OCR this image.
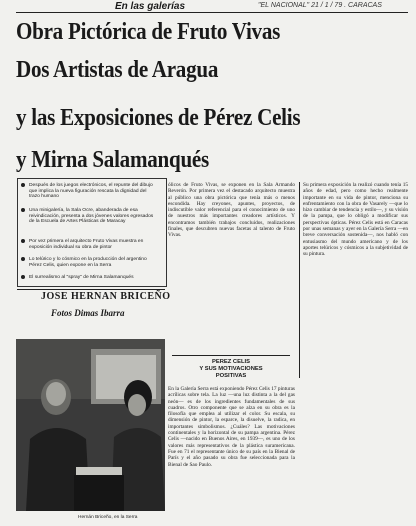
En las galerías	"EL NACIONAL" 21 / 1 / 79 . CARACAS
Obra Pictórica de Fruto Vivas
Dos Artistas de Aragua
y las Exposiciones de Pérez Celis
y Mirna Salamanqués
Después de los juegos electrónicos, el repunte del dibujo que implica la nueva figuración rescata la dignidad del trazo humano
Una minigalería, la Sala Ocre, abanderada de esa reivindicación, presenta a dos jóvenes valores egresados de la Escuela de Artes Plásticas de Maracay
Por vez primera el arquitecto Fruto Vivas muestra en exposición individual su obra de pintor
Lo telúrico y lo cósmico en la producción del argentino Pérez Celis, quien expone en la Serra
El surrealismo al "spray" de Mirna Salamanqués
JOSE HERNAN BRICEÑO
Fotos Dimas Ibarra
Hernán Briceño, en la Serra
ólicos de Fruto Vivas, se exponen en la Sala Armando Reverón. Por primera vez el destacado arquitecto muestra al público una obra pictórica que tenía más o menos escondida. Hay creyones, apuntes, proyectos, de indiscutible valor referencial para el conocimiento de uno de nuestros más importantes creadores artísticos. Y encontramos también trabajos concluidos, realizaciones finales, que descubren nuevas facetas al talento de Fruto Vivas.
PEREZ CELIS
Y SUS MOTIVACIONES
POSITIVAS
En la Galería Serra está exponiendo Pérez Celis 17 pinturas acrílicas sobre tela. La luz —una luz distinta a la del gas neón— es de los ingredientes fundamentales de sus cuadros. Otro componente que se alza en su obra es la filosofía que emplea al utilizar el color. Su escala, su dimensión de pintor, la esparce, la disuelve, la radica, en importantes simbolismos. ¿Cuáles? Las motivaciones continentales y la horizontal de su pampa argentina. Pérez Celis —nacido en Buenos Aires, en 1939—, es uno de los valores más representativos de la plástica suramericana. Fue en 71 el representante único de su país en la Bienal de París y el año pasado su obra fue seleccionada para la Bienal de Sao Paulo.
Su primera exposición la realizó cuando tenía 15 años de edad, pero como hecho realmente importante en su vida de pintor, menciona su enfrentamiento con la obra de Vasarely —que lo hizo cambiar de tendencia y estilo—, y su visión de la pampa, que lo obligó a modificar sus perspectivas ópticas. Pérez Celis está en Caracas por unas semanas y ayer en la Galería Serra —en breve conversación sostenida—, nos habló con entusiasmo del mundo americano y de los aportes telúricos y cósmicos a la subjetividad de su pintura.
